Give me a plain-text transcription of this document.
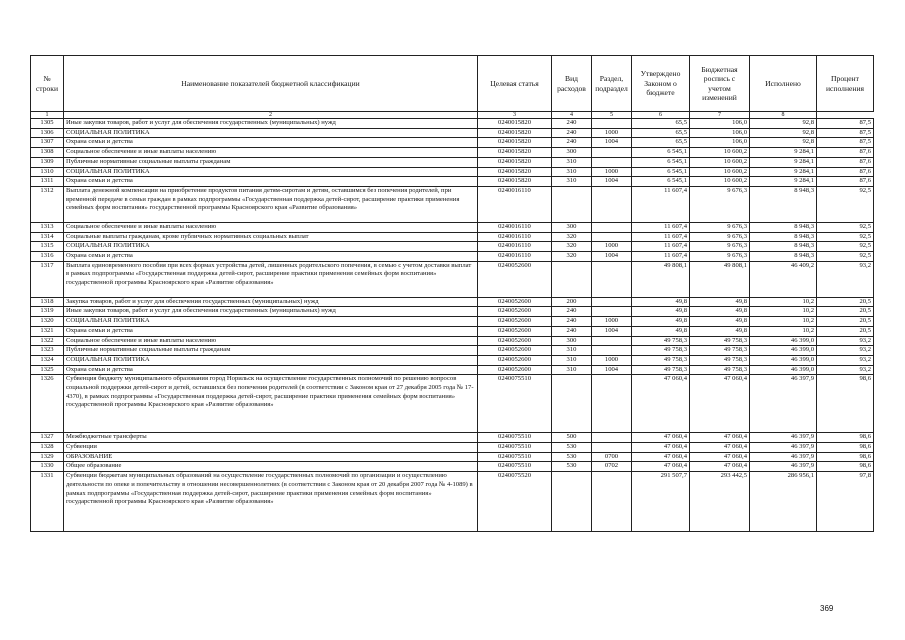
№ строки	Наименование показателей бюджетной классификации	Целевая статья	Вид расходов	Раздел, подраздел	Утверждено Законом о бюджете	Бюджетная роспись с учетом изменений	Исполнено	Процент исполнения
1	2	3	4	5	6	7	8	
1305	Иные закупки товаров, работ и услуг для обеспечения государственных (муниципальных) нужд	0240015820	240		65,5	106,0	92,8	87,5
1306	СОЦИАЛЬНАЯ ПОЛИТИКА	0240015820	240	1000	65,5	106,0	92,8	87,5
1307	Охрана семьи и детства	0240015820	240	1004	65,5	106,0	92,8	87,5
1308	Социальное обеспечение и иные выплаты населению	0240015820	300		6 545,1	10 600,2	9 284,1	87,6
1309	Публичные нормативные социальные выплаты гражданам	0240015820	310		6 545,1	10 600,2	9 284,1	87,6
1310	СОЦИАЛЬНАЯ ПОЛИТИКА	0240015820	310	1000	6 545,1	10 600,2	9 284,1	87,6
1311	Охрана семьи и детства	0240015820	310	1004	6 545,1	10 600,2	9 284,1	87,6
1312	Выплата денежной компенсации на приобретение продуктов питания детям-сиротам и детям, оставшимся без попечения родителей, при временной передаче в семьи граждан в рамках подпрограммы «Государственная поддержка детей-сирот, расширение практики применения семейных форм воспитания» государственной программы Красноярского края «Развитие образования»	0240016110			11 607,4	9 676,3	8 948,3	92,5
1313	Социальное обеспечение и иные выплаты населению	0240016110	300		11 607,4	9 676,3	8 948,3	92,5
1314	Социальные выплаты гражданам, кроме публичных нормативных социальных выплат	0240016110	320		11 607,4	9 676,3	8 948,3	92,5
1315	СОЦИАЛЬНАЯ ПОЛИТИКА	0240016110	320	1000	11 607,4	9 676,3	8 948,3	92,5
1316	Охрана семьи и детства	0240016110	320	1004	11 607,4	9 676,3	8 948,3	92,5
1317	Выплата единовременного пособия при всех формах устройства детей, лишенных родительского попечения, в семью с учетом доставки выплат в рамках подпрограммы «Государственная поддержка детей-сирот, расширение практики применения семейных форм воспитания» государственной программы Красноярского края «Развитие образования»	0240052600			49 808,1	49 808,1	46 409,2	93,2
1318	Закупка товаров, работ и услуг для обеспечения государственных (муниципальных) нужд	0240052600	200		49,8	49,8	10,2	20,5
1319	Иные закупки товаров, работ и услуг для обеспечения государственных (муниципальных) нужд	0240052600	240		49,8	49,8	10,2	20,5
1320	СОЦИАЛЬНАЯ ПОЛИТИКА	0240052600	240	1000	49,8	49,8	10,2	20,5
1321	Охрана семьи и детства	0240052600	240	1004	49,8	49,8	10,2	20,5
1322	Социальное обеспечение и иные выплаты населению	0240052600	300		49 758,3	49 758,3	46 399,0	93,2
1323	Публичные нормативные социальные выплаты гражданам	0240052600	310		49 758,3	49 758,3	46 399,0	93,2
1324	СОЦИАЛЬНАЯ ПОЛИТИКА	0240052600	310	1000	49 758,3	49 758,3	46 399,0	93,2
1325	Охрана семьи и детства	0240052600	310	1004	49 758,3	49 758,3	46 399,0	93,2
1326	Субвенция бюджету муниципального образования город Норильск на осуществление государственных полномочий по решению вопросов социальной поддержки детей-сирот и детей, оставшихся без попечения родителей (в соответствии с Законом края от 27 декабря 2005 года № 17-4370), в рамках подпрограммы «Государственная поддержка детей-сирот, расширение практики применения семейных форм воспитания» государственной программы Красноярского края «Развитие образования»	0240075510			47 060,4	47 060,4	46 397,9	98,6
1327	Межбюджетные трансферты	0240075510	500		47 060,4	47 060,4	46 397,9	98,6
1328	Субвенции	0240075510	530		47 060,4	47 060,4	46 397,9	98,6
1329	ОБРАЗОВАНИЕ	0240075510	530	0700	47 060,4	47 060,4	46 397,9	98,6
1330	Общее образование	0240075510	530	0702	47 060,4	47 060,4	46 397,9	98,6
1331	Субвенции бюджетам муниципальных образований на осуществление государственных полномочий по организации и осуществлению деятельности по опеке и попечительству в отношении несовершеннолетних (в соответствии с Законом края от 20 декабря 2007 года № 4-1089) в рамках подпрограммы «Государственная поддержка детей-сирот, расширение практики применения семейных форм воспитания» государственной программы Красноярского края «Развитие образования»	0240075520			291 507,7	293 442,5	286 956,1	97,8
369
